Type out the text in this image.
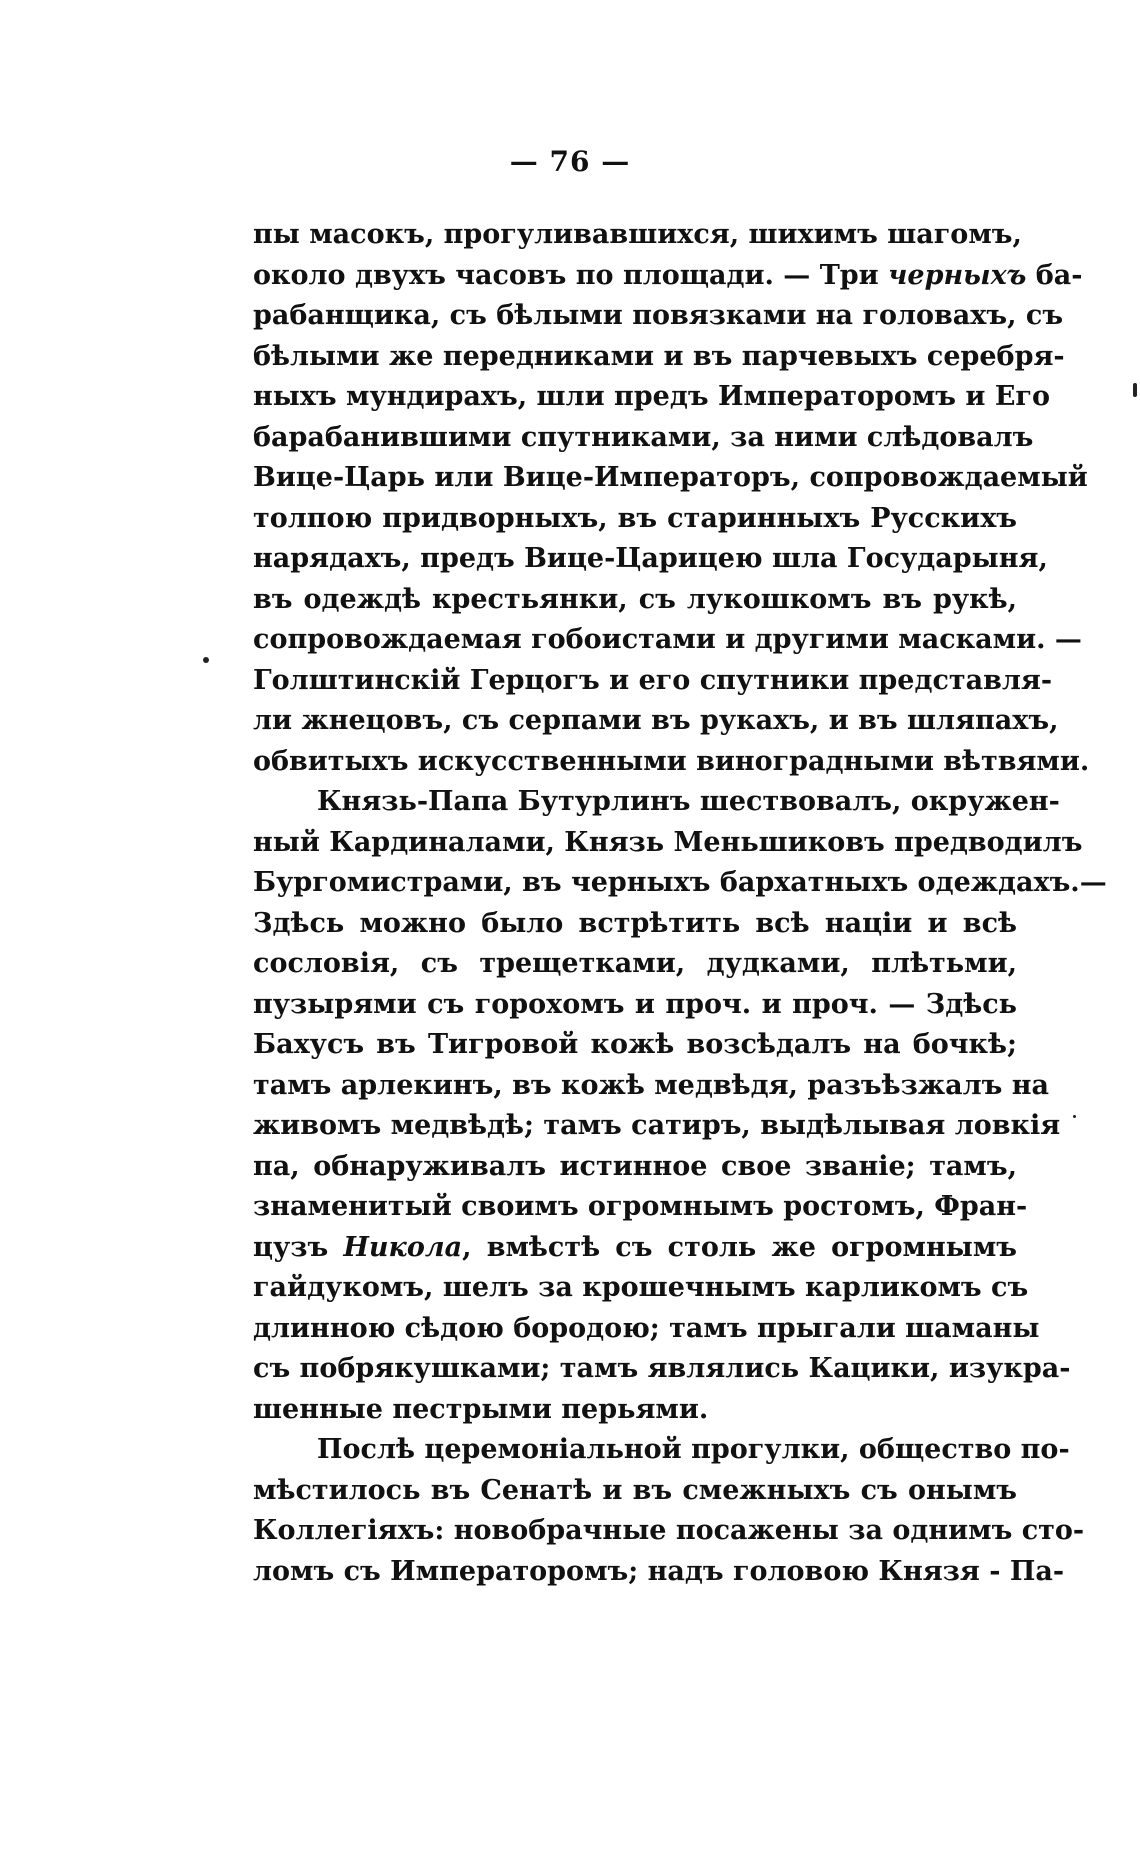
— 76 —
пы масокъ, прогуливавшихся, шихимъ шагомъ,
около двухъ часовъ по площади. — Три черныхъ ба-
рабанщика, съ бѣлыми повязками на головахъ, съ
бѣлыми же передниками и въ парчевыхъ серебря-
ныхъ мундирахъ, шли предъ Императоромъ и Его
барабанившими спутниками, за ними слѣдовалъ
Вице-Царь или Вице-Императоръ, сопровождаемый
толпою придворныхъ, въ старинныхъ Русскихъ
нарядахъ, предъ Вице-Царицею шла Государыня,
въ одеждѣ крестьянки, съ лукошкомъ въ рукѣ,
сопровождаемая гобоистами и другими масками. —
Голштинскій Герцогъ и его спутники представля-
ли жнецовъ, съ серпами въ рукахъ, и въ шляпахъ,
обвитыхъ искусственными виноградными вѣтвями.
Князь-Папа Бутурлинъ шествовалъ, окружен-
ный Кардиналами, Князь Меньшиковъ предводилъ
Бургомистрами, въ черныхъ бархатныхъ одеждахъ.—
Здѣсь можно было встрѣтить всѣ націи и всѣ
сословія, съ трещетками, дудками, плѣтьми,
пузырями съ горохомъ и проч. и проч. — Здѣсь
Бахусъ въ Тигровой кожѣ возсѣдалъ на бочкѣ;
тамъ арлекинъ, въ кожѣ медвѣдя, разъѣзжалъ на
живомъ медвѣдѣ; тамъ сатиръ, выдѣлывая ловкія
па, обнаруживалъ истинное свое званіе; тамъ,
знаменитый своимъ огромнымъ ростомъ, Фран-
цузъ Никола, вмѣстѣ съ столь же огромнымъ
гайдукомъ, шелъ за крошечнымъ карликомъ съ
длинною сѣдою бородою; тамъ прыгали шаманы
съ побрякушками; тамъ являлись Кацики, изукра-
шенные пестрыми перьями.
Послѣ церемоніальной прогулки, общество по-
мѣстилось въ Сенатѣ и въ смежныхъ съ онымъ
Коллегіяхъ: новобрачные посажены за однимъ сто-
ломъ съ Императоромъ; надъ головою Князя - Па-
